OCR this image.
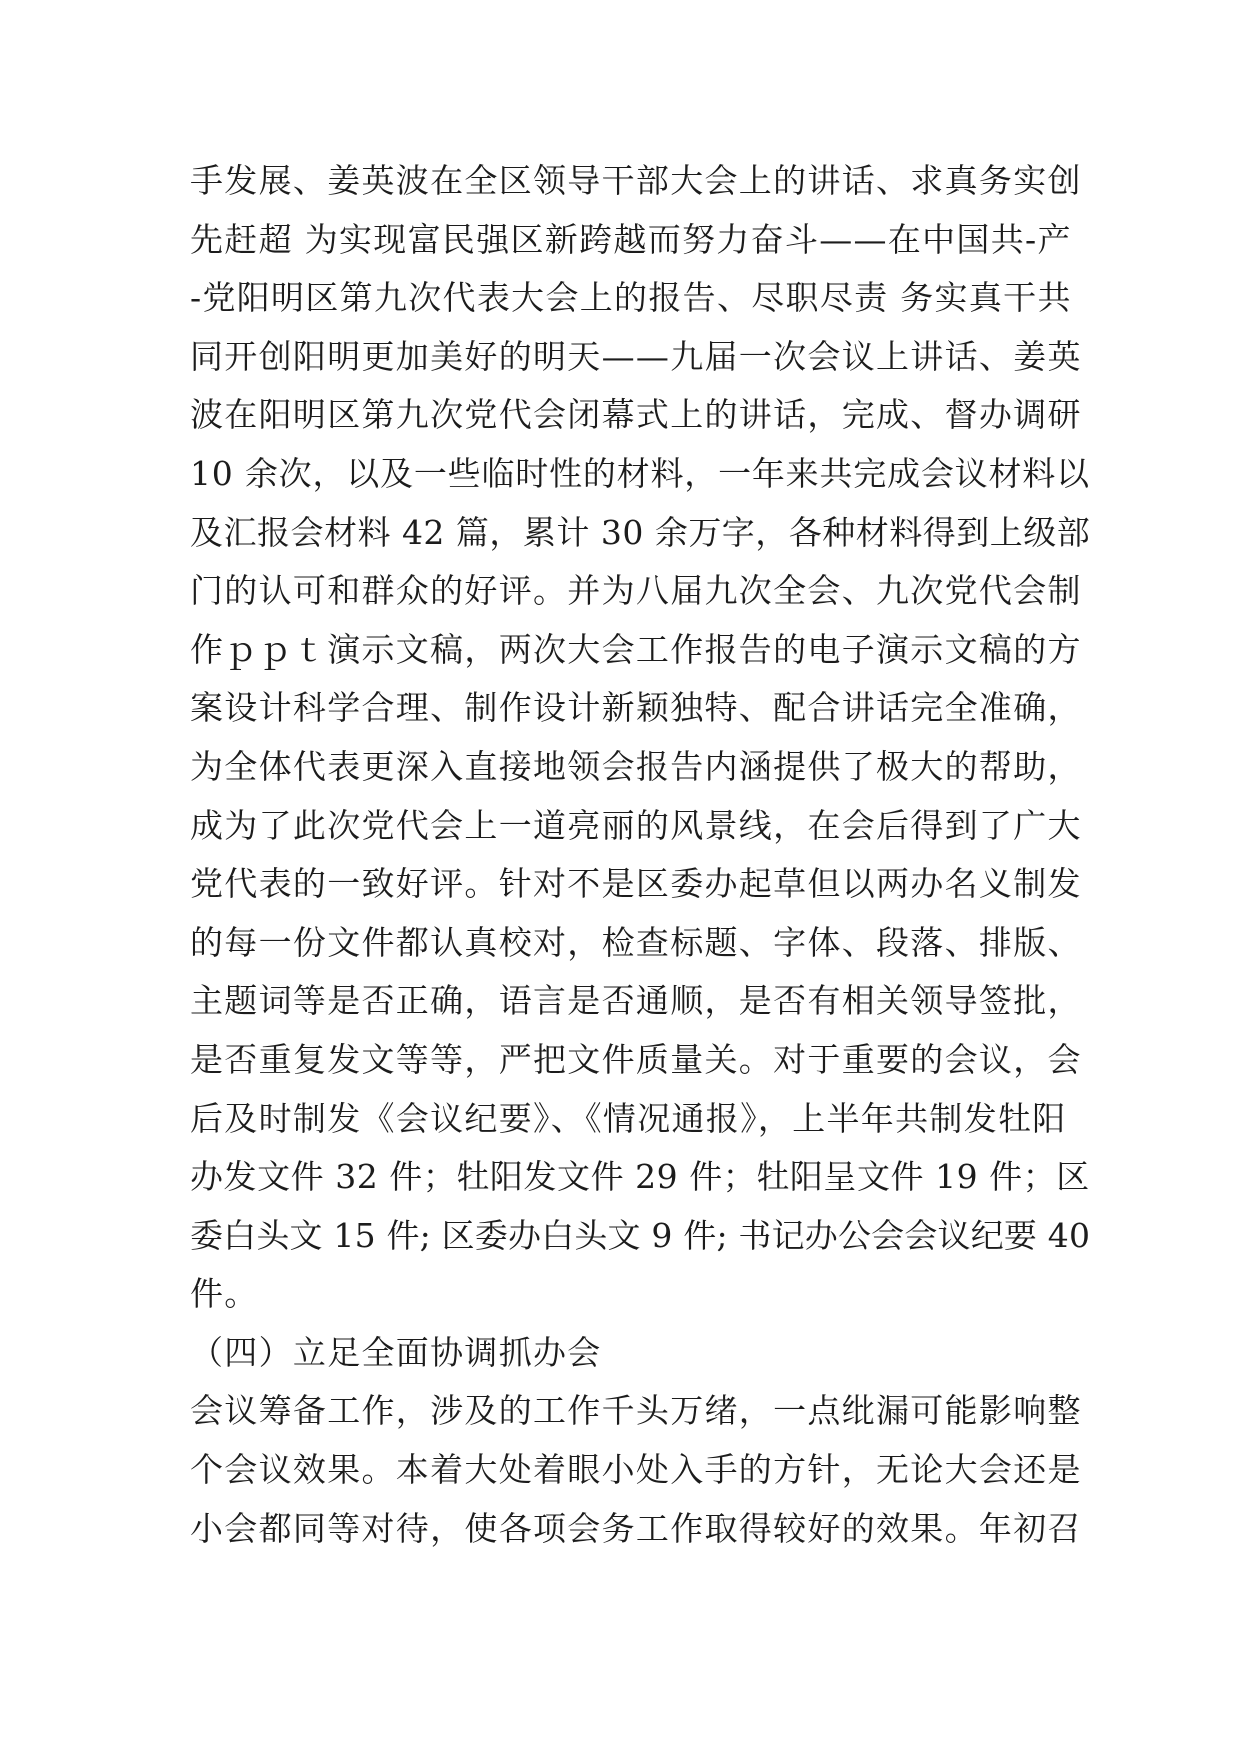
手发展、姜英波在全区领导干部大会上的讲话、求真务实创
先赶超 为实现富民强区新跨越而努力奋斗——在中国共-产
-党阳明区第九次代表大会上的报告、尽职尽责 务实真干共
同开创阳明更加美好的明天——九届一次会议上讲话、姜英
波在阳明区第九次党代会闭幕式上的讲话，完成、督办调研
10 余次，以及一些临时性的材料，一年来共完成会议材料以
及汇报会材料 42 篇，累计 30 余万字，各种材料得到上级部
门的认可和群众的好评。并为八届九次全会、九次党代会制
作ｐｐｔ演示文稿，两次大会工作报告的电子演示文稿的方
案设计科学合理、制作设计新颖独特、配合讲话完全准确，
为全体代表更深入直接地领会报告内涵提供了极大的帮助，
成为了此次党代会上一道亮丽的风景线，在会后得到了广大
党代表的一致好评。针对不是区委办起草但以两办名义制发
的每一份文件都认真校对，检查标题、字体、段落、排版、
主题词等是否正确，语言是否通顺，是否有相关领导签批，
是否重复发文等等，严把文件质量关。对于重要的会议，会
后及时制发《会议纪要》、《情况通报》，上半年共制发牡阳
办发文件 32 件；牡阳发文件 29 件；牡阳呈文件 19 件；区
委白头文 15 件; 区委办白头文 9 件; 书记办公会会议纪要 40
件。
（四）立足全面协调抓办会
会议筹备工作，涉及的工作千头万绪，一点纰漏可能影响整
个会议效果。本着大处着眼小处入手的方针，无论大会还是
小会都同等对待，使各项会务工作取得较好的效果。年初召
